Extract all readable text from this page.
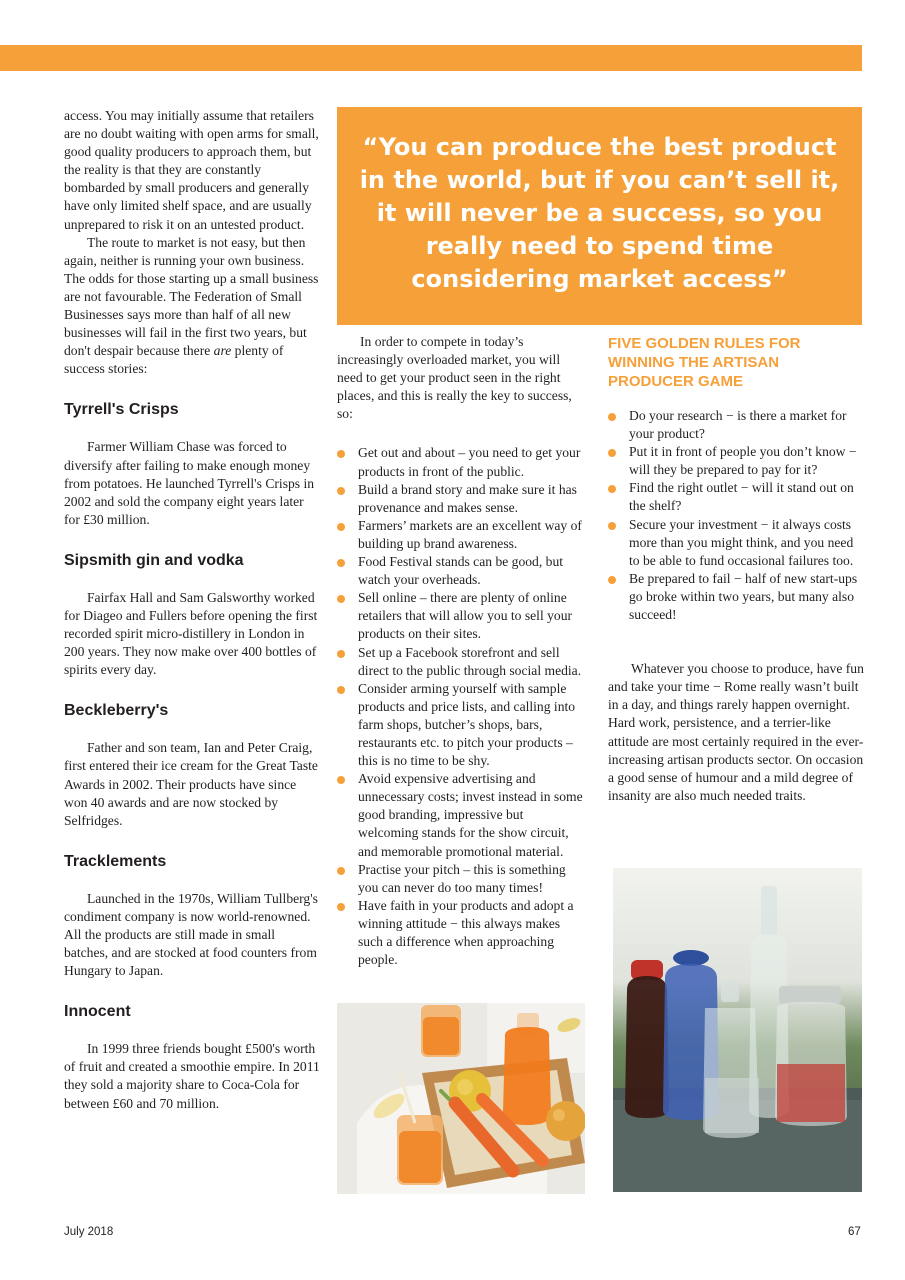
access. You may initially assume that retailers are no doubt waiting with open arms for small, good quality producers to approach them, but the reality is that they are constantly bombarded by small producers and generally have only limited shelf space, and are usually unprepared to risk it on an untested product.

The route to market is not easy, but then again, neither is running your own business. The odds for those starting up a small business are not favourable. The Federation of Small Businesses says more than half of all new businesses will fail in the first two years, but don't despair because there are plenty of success stories:

Tyrrell's Crisps

Farmer William Chase was forced to diversify after failing to make enough money from potatoes. He launched Tyrrell's Crisps in 2002 and sold the company eight years later for £30 million.

Sipsmith gin and vodka

Fairfax Hall and Sam Galsworthy worked for Diageo and Fullers before opening the first recorded spirit micro-distillery in London in 200 years. They now make over 400 bottles of spirits every day.

Beckleberry's

Father and son team, Ian and Peter Craig, first entered their ice cream for the Great Taste Awards in 2002. Their products have since won 40 awards and are now stocked by Selfridges.

Tracklements

Launched in the 1970s, William Tullberg's condiment company is now world-renowned. All the products are still made in small batches, and are stocked at food counters from Hungary to Japan.

Innocent

In 1999 three friends bought £500's worth of fruit and created a smoothie empire. In 2011 they sold a majority share to Coca-Cola for between £60 and 70 million.

“You can produce the best product in the world, but if you can’t sell it, it will never be a success, so you really need to spend time considering market access”

In order to compete in today’s increasingly overloaded market, you will need to get your product seen in the right places, and this is really the key to success, so:

Get out and about – you need to get your products in front of the public.
Build a brand story and make sure it has provenance and makes sense.
Farmers’ markets are an excellent way of building up brand awareness.
Food Festival stands can be good, but watch your overheads.
Sell online – there are plenty of online retailers that will allow you to sell your products on their sites.
Set up a Facebook storefront and sell direct to the public through social media.
Consider arming yourself with sample products and price lists, and calling into farm shops, butcher’s shops, bars, restaurants etc. to pitch your products – this is no time to be shy.
Avoid expensive advertising and unnecessary costs; invest instead in some good branding, impressive but welcoming stands for the show circuit, and memorable promotional material.
Practise your pitch – this is something you can never do too many times!
Have faith in your products and adopt a winning attitude − this always makes such a difference when approaching people.
FIVE GOLDEN RULES FOR WINNING THE ARTISAN PRODUCER GAME
Do your research − is there a market for your product?
Put it in front of people you don’t know − will they be prepared to pay for it?
Find the right outlet − will it stand out on the shelf?
Secure your investment − it always costs more than you might think, and you need to be able to fund occasional failures too.
Be prepared to fail − half of new start-ups go broke within two years, but many also succeed!

Whatever you choose to produce, have fun and take your time − Rome really wasn’t built in a day, and things rarely happen overnight. Hard work, persistence, and a terrier-like attitude are most certainly required in the ever-increasing artisan products sector. On occasion a good sense of humour and a mild degree of insanity are also much needed traits.

July 2018	67
